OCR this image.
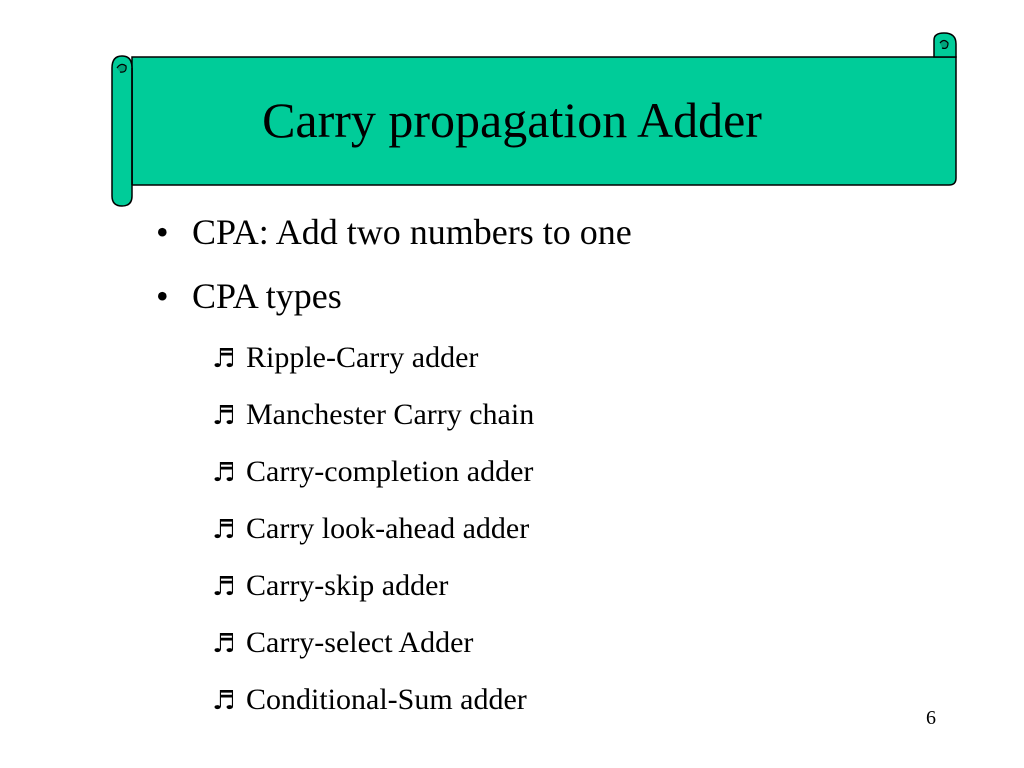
Carry propagation Adder
• CPA: Add two numbers to one
• CPA types
♬ Ripple-Carry adder
♬ Manchester Carry chain
♬ Carry-completion adder
♬ Carry look-ahead adder
♬ Carry-skip adder
♬ Carry-select Adder
♬ Conditional-Sum adder
6
